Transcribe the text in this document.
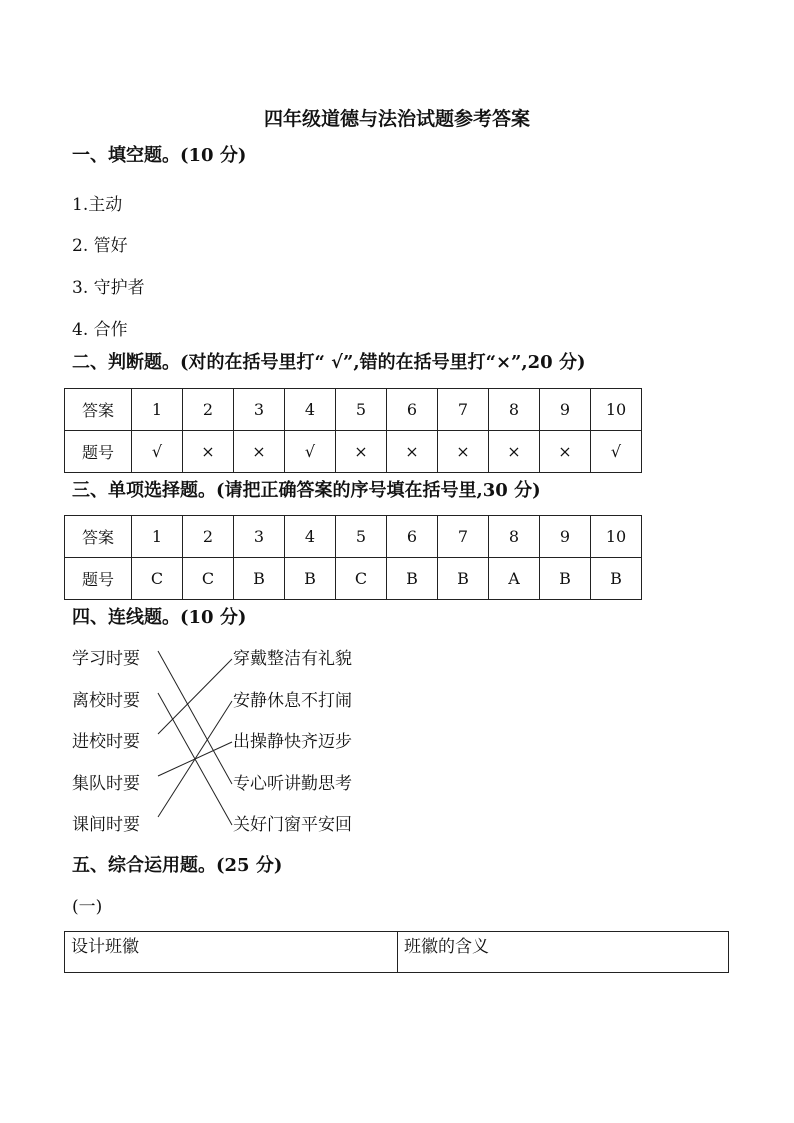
四年级道德与法治试题参考答案
一、填空题。(10 分)
1.主动
2. 管好
3. 守护者
4. 合作
二、判断题。(对的在括号里打“ √”,错的在括号里打“×”,20 分)
答案	1	2	3	4	5	6	7	8	9	10
题号	√	×	×	√	×	×	×	×	×	√
三、单项选择题。(请把正确答案的序号填在括号里,30 分)
答案	1	2	3	4	5	6	7	8	9	10
题号	C	C	B	B	C	B	B	A	B	B
四、连线题。(10 分)
学习时要
离校时要
进校时要
集队时要
课间时要
穿戴整洁有礼貌
安静休息不打闹
出操静快齐迈步
专心听讲勤思考
关好门窗平安回
五、综合运用题。(25 分)
(一)
设计班徽	班徽的含义
